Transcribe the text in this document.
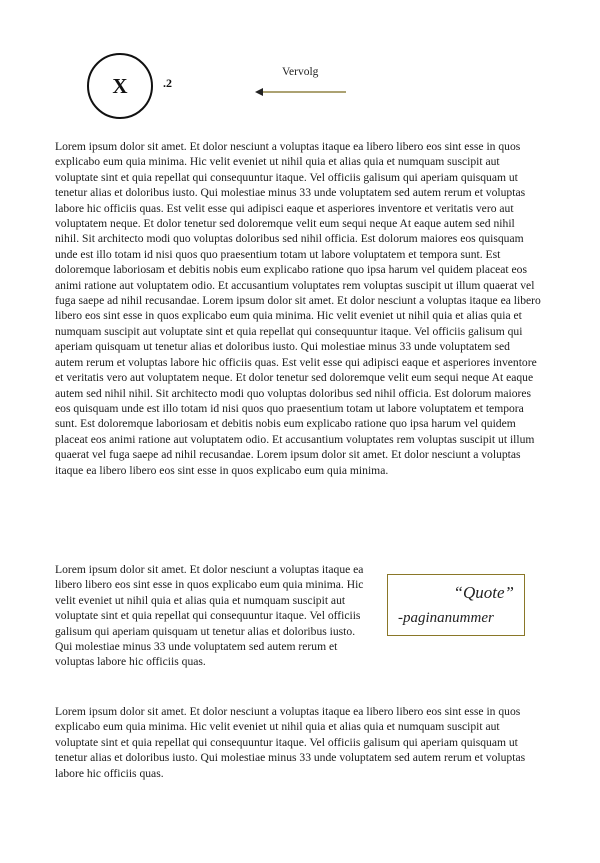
X	.2
Vervolg

Lorem ipsum dolor sit amet. Et dolor nesciunt a voluptas itaque ea libero libero eos sint esse in quos explicabo eum quia minima. Hic velit eveniet ut nihil quia et alias quia et numquam suscipit aut voluptate sint et quia repellat qui consequuntur itaque. Vel officiis galisum qui aperiam quisquam ut tenetur alias et doloribus iusto. Qui molestiae minus 33 unde voluptatem sed autem rerum et voluptas labore hic officiis quas. Est velit esse qui adipisci eaque et asperiores inventore et veritatis vero aut voluptatem neque. Et dolor tenetur sed doloremque velit eum sequi neque At eaque autem sed nihil nihil. Sit architecto modi quo voluptas doloribus sed nihil officia. Est dolorum maiores eos quisquam unde est illo totam id nisi quos quo praesentium totam ut labore voluptatem et tempora sunt. Est doloremque laboriosam et debitis nobis eum explicabo ratione quo ipsa harum vel quidem placeat eos animi ratione aut voluptatem odio. Et accusantium voluptates rem voluptas suscipit ut illum quaerat vel fuga saepe ad nihil recusandae. Lorem ipsum dolor sit amet. Et dolor nesciunt a voluptas itaque ea libero libero eos sint esse in quos explicabo eum quia minima. Hic velit eveniet ut nihil quia et alias quia et numquam suscipit aut voluptate sint et quia repellat qui consequuntur itaque. Vel officiis galisum qui aperiam quisquam ut tenetur alias et doloribus iusto. Qui molestiae minus 33 unde voluptatem sed autem rerum et voluptas labore hic officiis quas. Est velit esse qui adipisci eaque et asperiores inventore et veritatis vero aut voluptatem neque. Et dolor tenetur sed doloremque velit eum sequi neque At eaque autem sed nihil nihil. Sit architecto modi quo voluptas doloribus sed nihil officia. Est dolorum maiores eos quisquam unde est illo totam id nisi quos quo praesentium totam ut labore voluptatem et tempora sunt. Est doloremque laboriosam et debitis nobis eum explicabo ratione quo ipsa harum vel quidem placeat eos animi ratione aut voluptatem odio. Et accusantium voluptates rem voluptas suscipit ut illum quaerat vel fuga saepe ad nihil recusandae. Lorem ipsum dolor sit amet. Et dolor nesciunt a voluptas itaque ea libero libero eos sint esse in quos explicabo eum quia minima.

Lorem ipsum dolor sit amet. Et dolor nesciunt a voluptas itaque ea libero libero eos sint esse in quos explicabo eum quia minima. Hic velit eveniet ut nihil quia et alias quia et numquam suscipit aut voluptate sint et quia repellat qui consequuntur itaque. Vel officiis galisum qui aperiam quisquam ut tenetur alias et doloribus iusto. Qui molestiae minus 33 unde voluptatem sed autem rerum et voluptas labore hic officiis quas.

“Quote”
-paginanummer

Lorem ipsum dolor sit amet. Et dolor nesciunt a voluptas itaque ea libero libero eos sint esse in quos explicabo eum quia minima. Hic velit eveniet ut nihil quia et alias quia et numquam suscipit aut voluptate sint et quia repellat qui consequuntur itaque. Vel officiis galisum qui aperiam quisquam ut tenetur alias et doloribus iusto. Qui molestiae minus 33 unde voluptatem sed autem rerum et voluptas labore hic officiis quas.
